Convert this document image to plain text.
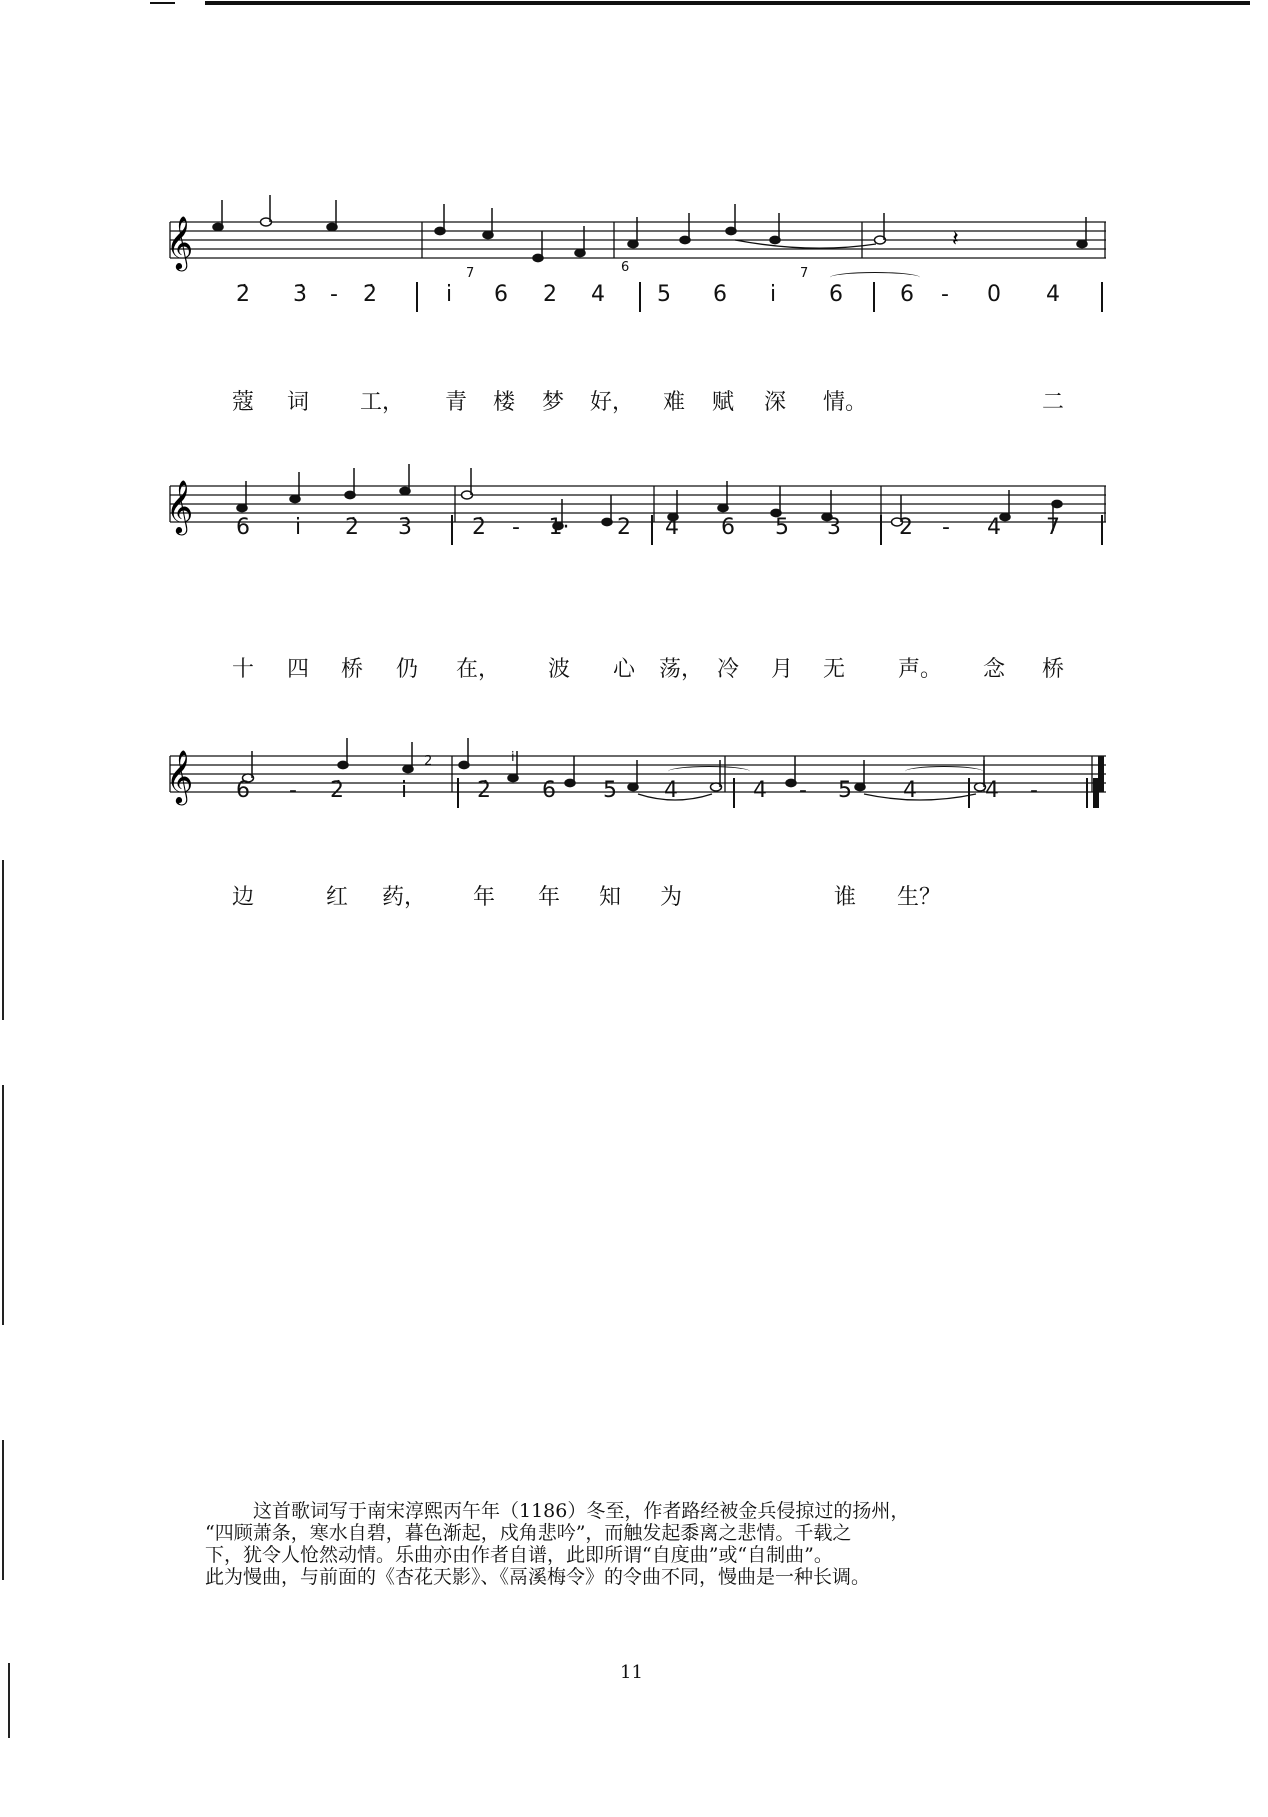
𝄞	𝄽
2̇ 3̇ - 2̇	i̇
7
6 2 4
6
5 6 i̇
7
6	6 - 0 4
蔻 词 工， 青 楼 梦 好， 难 赋 深 情。	二
𝄞 6 i̇ 2̇ 3̇	2̇ - 1· 2 4 6 5 3	2 - 4 7
十 四 桥 仍 在， 波 心 荡， 冷 月 无 声。 念 桥
𝄞 6 - 2̇	i̇
2̇
2̇
i̇
6 5 4	4 - 5 4	4 -
边	红 药， 年 年 知 为	谁 生？

这首歌词写于南宋淳熙丙午年（1186）冬至，作者路经被金兵侵掠过的扬州，

“四顾萧条，寒水自碧，暮色渐起，戍角悲吟”，而触发起黍离之悲情。千载之

下，犹令人怆然动情。乐曲亦由作者自谱，此即所谓“自度曲”或“自制曲”。

此为慢曲，与前面的《杏花天影》、《鬲溪梅令》的令曲不同，慢曲是一种长调。

11
